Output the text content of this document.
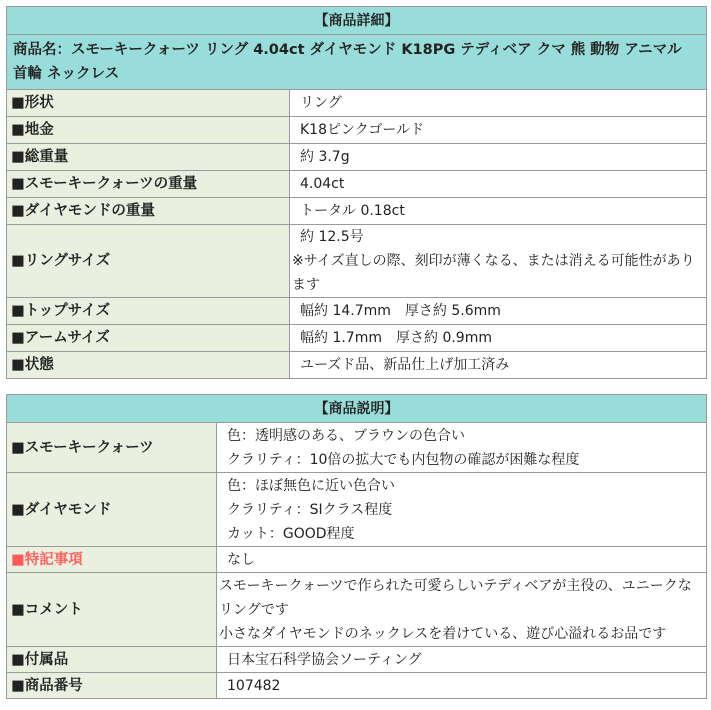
【商品詳細】	
商品名：スモーキークォーツ リング 4.04ct ダイヤモンド K18PG テディベア クマ 熊 動物 アニマル 首輪 ネックレス	
■形状	リング
■地金	K18ピンクゴールド
■総重量	約 3.7g
■スモーキークォーツの重量	4.04ct
■ダイヤモンドの重量	トータル 0.18ct
■リングサイズ	約 12.5号
※サイズ直しの際、刻印が薄くなる、または消える可能性があります

■トップサイズ	幅約 14.7mm　厚さ約 5.6mm
■アームサイズ	幅約 1.7mm　厚さ約 0.9mm
■状態	ユーズド品、新品仕上げ加工済み
【商品説明】	
■スモーキークォーツ	色：透明感のある、ブラウンの色合い
クラリティ：10倍の拡大でも内包物の確認が困難な程度

■ダイヤモンド	色：ほぼ無色に近い色合い
クラリティ：SIクラス程度
カット：GOOD程度

■特記事項	なし
■コメント	スモーキークォーツで作られた可愛らしいテディベアが主役の、ユニークなリングです
小さなダイヤモンドのネックレスを着けている、遊び心溢れるお品です

■付属品	日本宝石科学協会ソーティング
■商品番号	107482
